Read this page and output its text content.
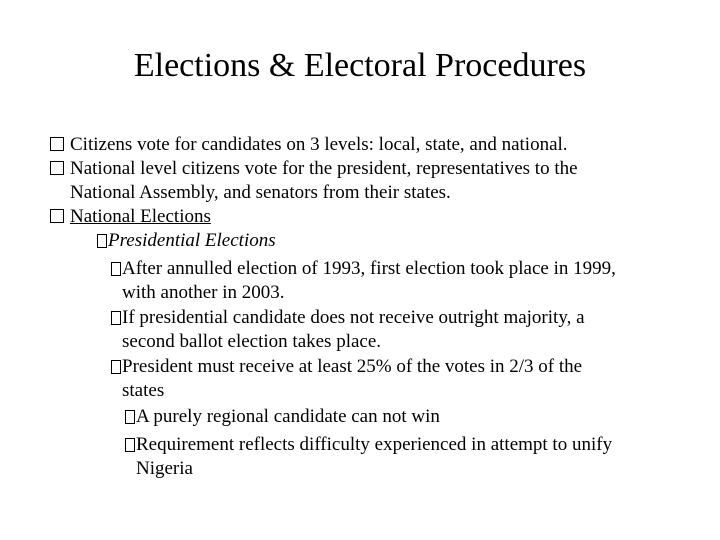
Elections & Electoral Procedures
Citizens vote for candidates on 3 levels: local, state, and national.
National level citizens vote for the president, representatives to the
National Assembly, and senators from their states.
National Elections
Presidential Elections
After annulled election of 1993, first election took place in 1999,
with another in 2003.
If presidential candidate does not receive outright majority, a
second ballot election takes place.
President must receive at least 25% of the votes in 2/3 of the
states
A purely regional candidate can not win
Requirement reflects difficulty experienced in attempt to unify
Nigeria
